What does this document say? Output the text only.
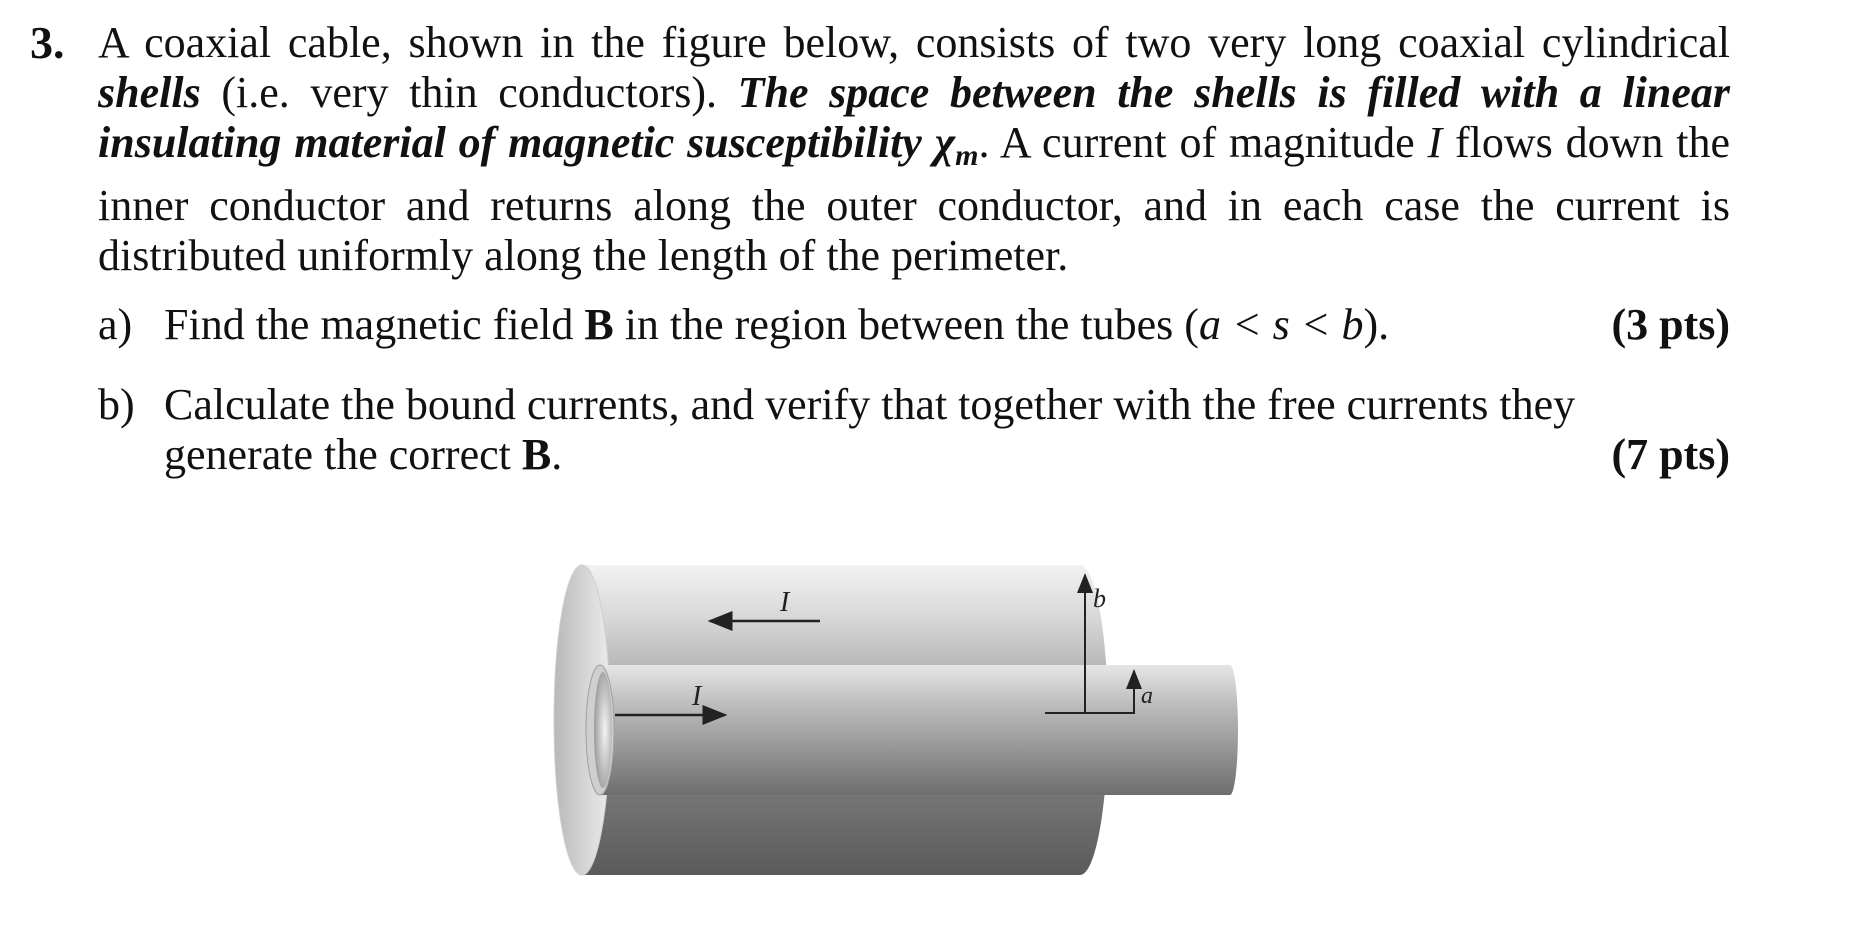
3. A coaxial cable, shown in the figure below, consists of two very long coaxial cylindrical shells (i.e. very thin conductors). The space between the shells is filled with a linear insulating material of magnetic susceptibility $\chi_m$. A current of magnitude I flows down the inner conductor and returns along the outer conductor, and in each case the current is distributed uniformly along the length of the perimeter.
a) Find the magnetic field B in the region between the tubes (a < s < b).	(3 pts)
b) Calculate the bound currents, and verify that together with the free currents they generate the correct B.	(7 pts)
I
I
b
a
